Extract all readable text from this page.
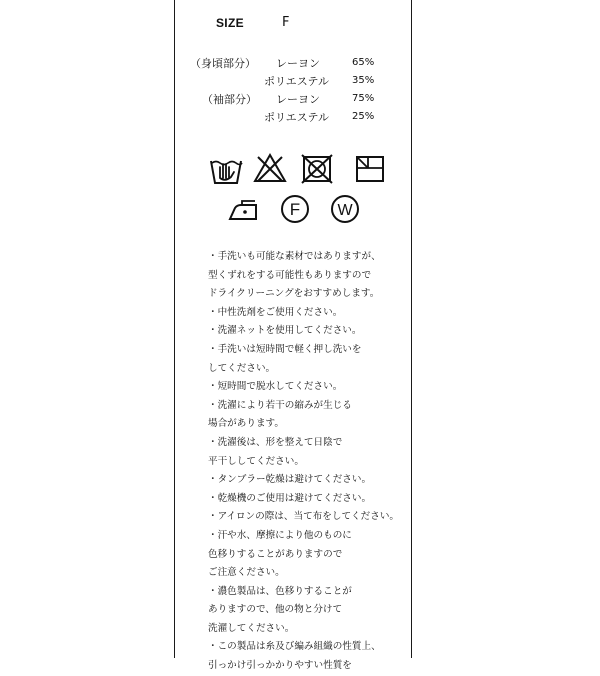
SIZE	F
（身頃部分） レーヨン	65%
ポリエステル 35%
（袖部分） レーヨン	75%
ポリエステル 25%
F W
・手洗いも可能な素材ではありますが、
型くずれをする可能性もありますので
ドライクリーニングをおすすめします。
・中性洗剤をご使用ください。
・洗濯ネットを使用してください。
・手洗いは短時間で軽く押し洗いを
してください。
・短時間で脱水してください。
・洗濯により若干の縮みが生じる
場合があります。
・洗濯後は、形を整えて日陰で
平干ししてください。
・タンブラー乾燥は避けてください。
・乾燥機のご使用は避けてください。
・アイロンの際は、当て布をしてください。
・汗や水、摩擦により他のものに
色移りすることがありますので
ご注意ください。
・濃色製品は、色移りすることが
ありますので、他の物と分けて
洗濯してください。
・この製品は糸及び編み組織の性質上、
引っかけ引っかかりやすい性質を
